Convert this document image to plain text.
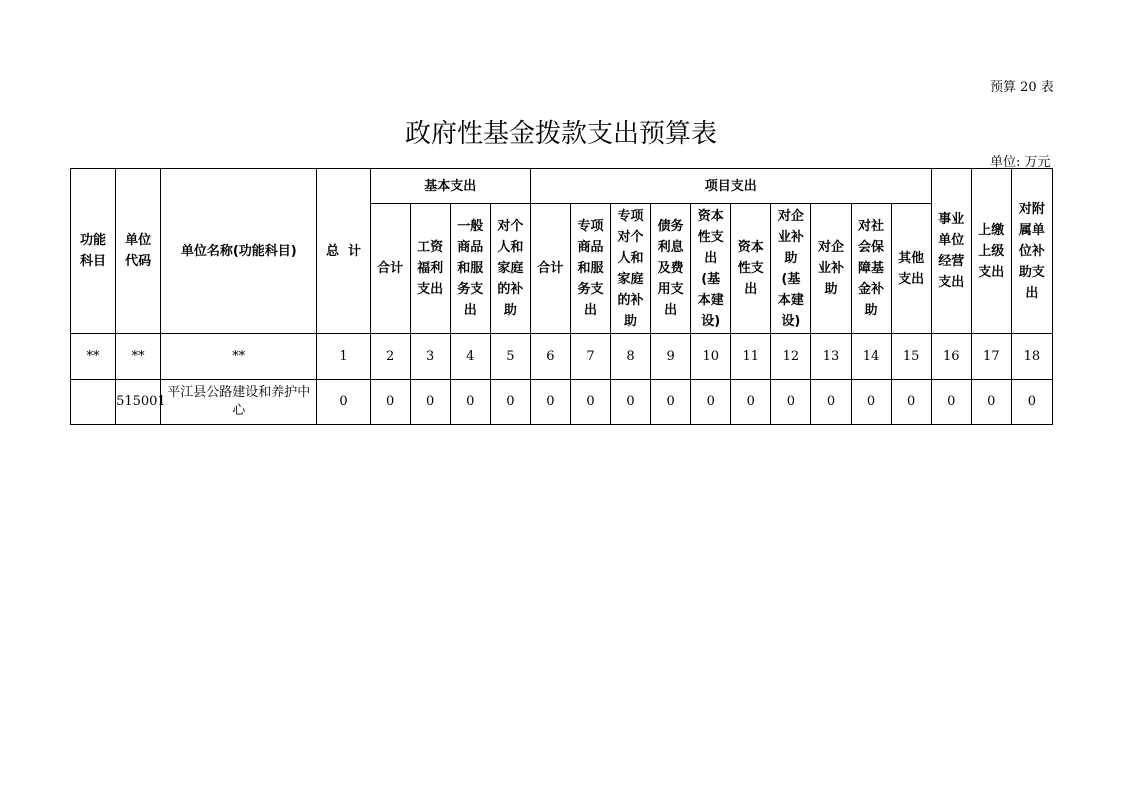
预算 20 表
政府性基金拨款支出预算表
单位: 万元
功能科目	单位代码	单位名称(功能科目)	总  计	基本支出				项目支出										事业单位经营支出	上缴上级支出	对附属单位补助支出

				合计	工资福利支出	一般商品和服务支出	对个人和家庭的补助	合计	专项商品和服务支出	专项对个人和家庭的补助	债务利息及费用支出	资本性支出(基本建设)	资本性支出	对企业补助(基本建设)	对企业补助	对社会保障基金补助	其他支出			

**	**	**	1	2	3	4	5	6	7	8	9	10	11	12	13	14	15	16	17	18
	515001	平江县公路建设和养护中心	0	0	0	0	0	0	0	0	0	0	0	0	0	0	0	0	0	0
